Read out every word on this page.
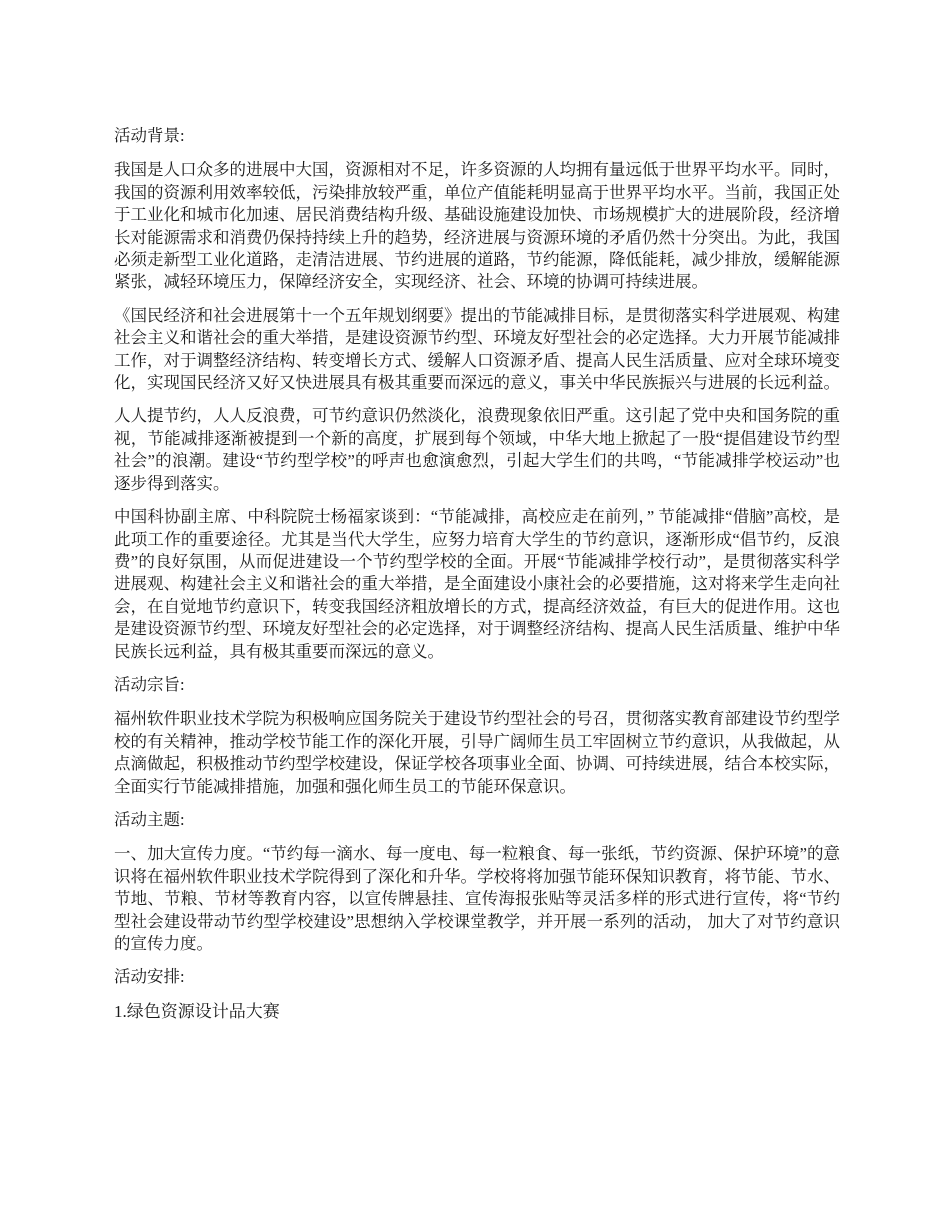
活动背景:
我国是人口众多的进展中大国，资源相对不足，许多资源的人均拥有量远低于世界平均水平。同时，我国的资源利用效率较低，污染排放较严重，单位产值能耗明显高于世界平均水平。当前，我国正处于工业化和城市化加速、居民消费结构升级、基础设施建设加快、市场规模扩大的进展阶段，经济增长对能源需求和消费仍保持持续上升的趋势，经济进展与资源环境的矛盾仍然十分突出。为此，我国必须走新型工业化道路，走清洁进展、节约进展的道路，节约能源，降低能耗，减少排放，缓解能源紧张，减轻环境压力，保障经济安全，实现经济、社会、环境的协调可持续进展。
《国民经济和社会进展第十一个五年规划纲要》提出的节能减排目标，是贯彻落实科学进展观、构建社会主义和谐社会的重大举措，是建设资源节约型、环境友好型社会的必定选择。大力开展节能减排工作，对于调整经济结构、转变增长方式、缓解人口资源矛盾、提高人民生活质量、应对全球环境变化，实现国民经济又好又快进展具有极其重要而深远的意义，事关中华民族振兴与进展的长远利益。
人人提节约，人人反浪费，可节约意识仍然淡化，浪费现象依旧严重。这引起了党中央和国务院的重视，节能减排逐渐被提到一个新的高度，扩展到每个领域，中华大地上掀起了一股“提倡建设节约型社会”的浪潮。建设“节约型学校”的呼声也愈演愈烈，引起大学生们的共鸣，“节能减排学校运动”也逐步得到落实。
中国科协副主席、中科院院士杨福家谈到：“节能减排，高校应走在前列，” 节能减排“借脑”高校，是此项工作的重要途径。尤其是当代大学生，应努力培育大学生的节约意识，逐渐形成“倡节约，反浪费”的良好氛围，从而促进建设一个节约型学校的全面。开展“节能减排学校行动”，是贯彻落实科学进展观、构建社会主义和谐社会的重大举措，是全面建设小康社会的必要措施，这对将来学生走向社会，在自觉地节约意识下，转变我国经济粗放增长的方式，提高经济效益，有巨大的促进作用。这也是建设资源节约型、环境友好型社会的必定选择，对于调整经济结构、提高人民生活质量、维护中华民族长远利益，具有极其重要而深远的意义。
活动宗旨:
福州软件职业技术学院为积极响应国务院关于建设节约型社会的号召，贯彻落实教育部建设节约型学校的有关精神，推动学校节能工作的深化开展，引导广阔师生员工牢固树立节约意识，从我做起，从点滴做起，积极推动节约型学校建设，保证学校各项事业全面、协调、可持续进展，结合本校实际，全面实行节能减排措施，加强和强化师生员工的节能环保意识。
活动主题:
一、加大宣传力度。“节约每一滴水、每一度电、每一粒粮食、每一张纸，节约资源、保护环境”的意识将在福州软件职业技术学院得到了深化和升华。学校将将加强节能环保知识教育，将节能、节水、节地、节粮、节材等教育内容，以宣传牌悬挂、宣传海报张贴等灵活多样的形式进行宣传，将“节约型社会建设带动节约型学校建设”思想纳入学校课堂教学，并开展一系列的活动， 加大了对节约意识的宣传力度。
活动安排:
1.绿色资源设计品大赛
